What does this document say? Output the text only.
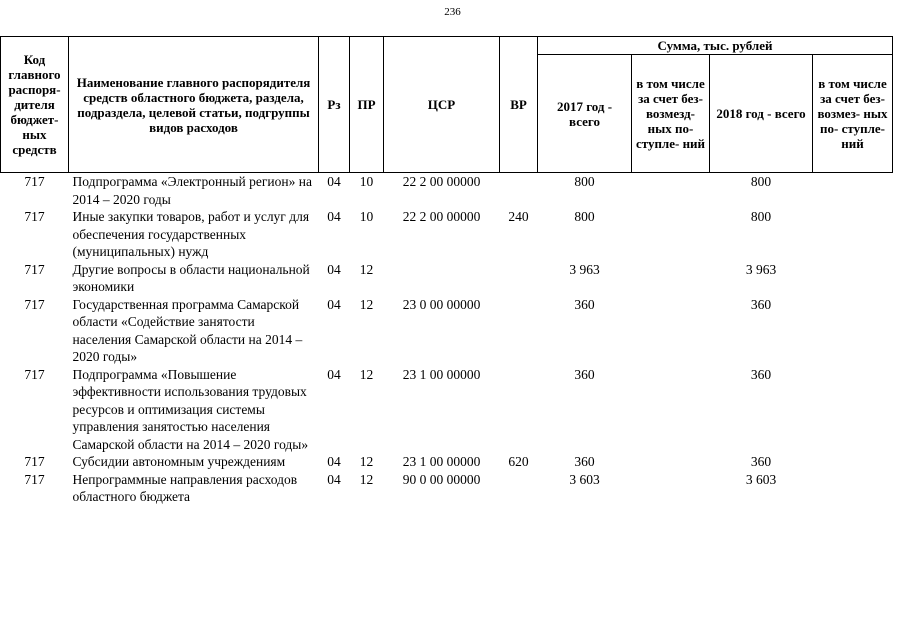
236
Код главного распоря- дителя бюджет- ных средств	Наименование главного распорядителя средств областного бюджета, раздела, подраздела, целевой статьи, подгруппы видов расходов	Рз	ПР	ЦСР	ВР	Сумма, тыс. рублей			
						2017 год - всего	в том числе за счет без- возмезд- ных по- ступле- ний	2018 год - всего	в том числе за счет без- возмез- ных по- ступле- ний
717	Подпрограмма «Электронный регион» на 2014 – 2020 годы	04	10	22 2 00 00000		800		800	
717	Иные закупки товаров, работ и услуг для обеспечения государственных (муниципальных) нужд	04	10	22 2 00 00000	240	800		800	
717	Другие вопросы в области национальной экономики	04	12			3 963		3 963	
717	Государственная программа Самарской области «Содействие занятости населения Самарской области на 2014 – 2020 годы»	04	12	23 0 00 00000		360		360	
717	Подпрограмма «Повышение эффективности использования трудовых ресурсов и оптимизация системы управления занятостью населения Самарской области на 2014 – 2020 годы»	04	12	23 1 00 00000		360		360	
717	Субсидии автономным учреждениям	04	12	23 1 00 00000	620	360		360	
717	Непрограммные направления расходов областного бюджета	04	12	90 0 00 00000		3 603		3 603	
